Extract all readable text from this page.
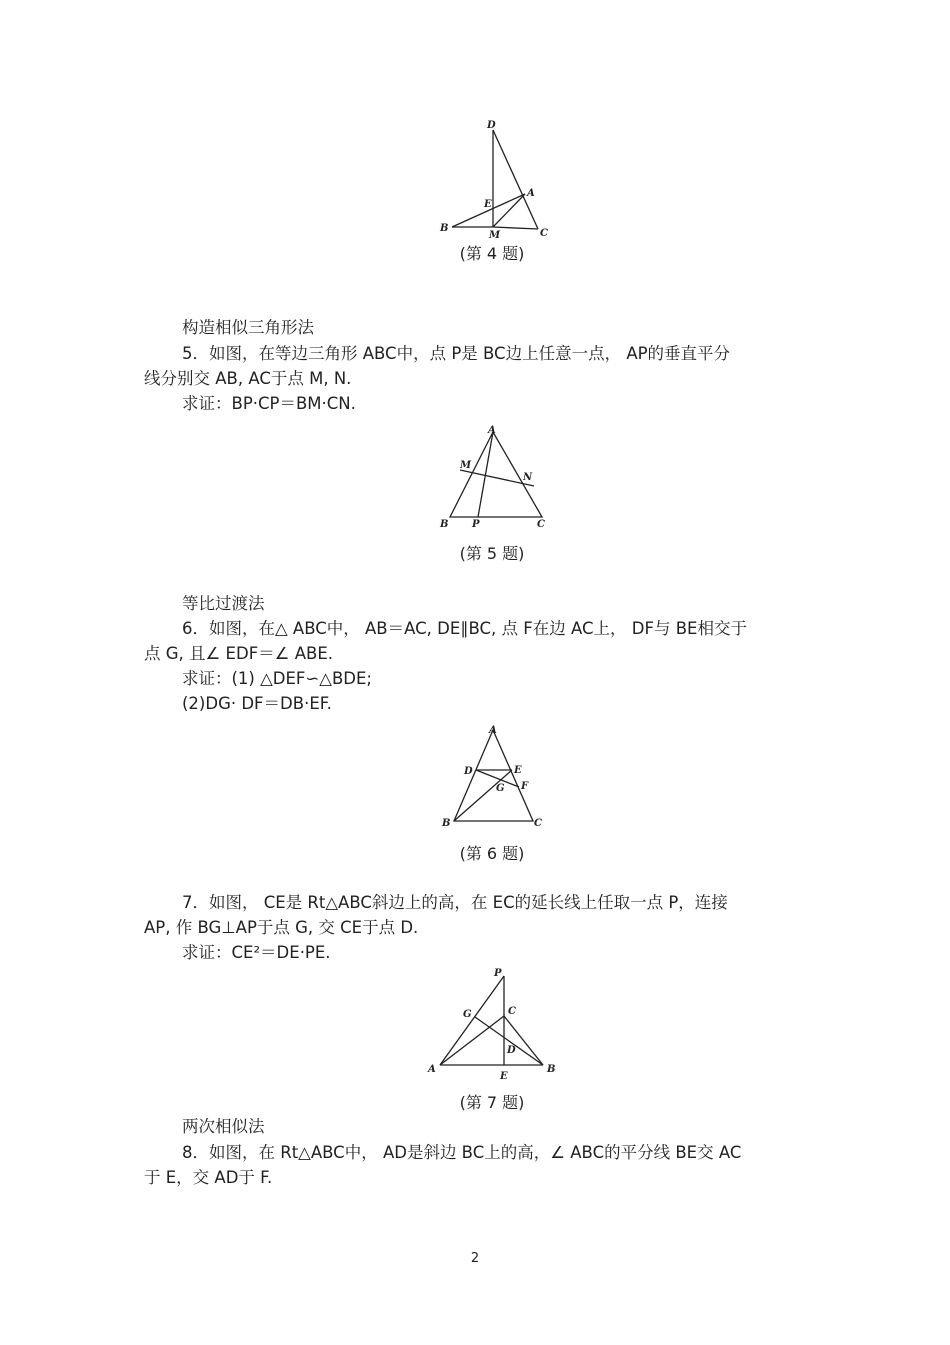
D
A
E
B
M	C
(第 4 题)
构造相似三角形法
5．如图，在等边三角形 ABC中，点 P是 BC边上任意一点， AP的垂直平分
线分别交 AB, AC于点 M, N.
求证：BP·CP＝BM·CN.
A
M
N
B P	C
(第 5 题)
等比过渡法
6．如图，在△ ABC中， AB＝AC, DE∥BC, 点 F在边 AC上， DF与 BE相交于
点 G, 且∠ EDF＝∠ ABE.
求证：(1) △DEF∽△BDE;
(2)DG· DF＝DB·EF.
A
D	E
F
G
B	C
(第 6 题)
7．如图， CE是 Rt△ABC斜边上的高，在 EC的延长线上任取一点 P，连接
AP, 作 BG⊥AP于点 G, 交 CE于点 D.
求证：CE²＝DE·PE.
P
G	C
D
A
E
B
(第 7 题)
两次相似法
8．如图，在 Rt△ABC中， AD是斜边 BC上的高，∠ ABC的平分线 BE交 AC
于 E，交 AD于 F.
2
